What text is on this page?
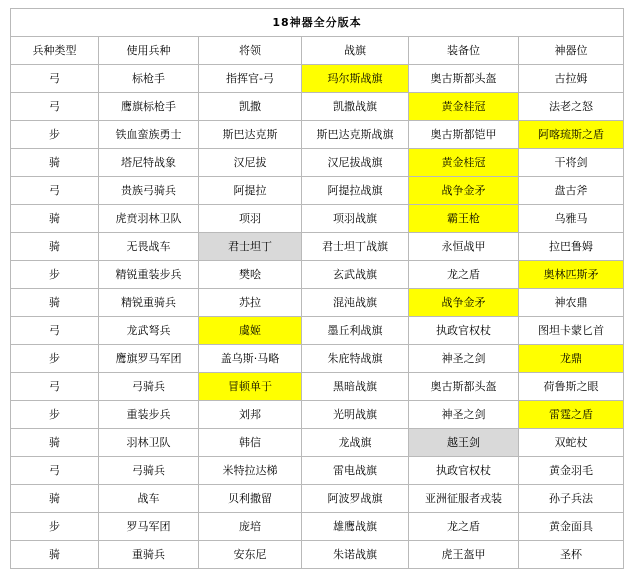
18神器全分版本					
兵种类型	使用兵种	将领	战旗	装备位	神器位
弓	标枪手	指挥官-弓	玛尔斯战旗	奥古斯都头盔	古拉姆
弓	鹰旗标枪手	凯撒	凯撒战旗	黄金桂冠	法老之怒
步	铁血蛮族勇士	斯巴达克斯	斯巴达克斯战旗	奥古斯都铠甲	阿喀琉斯之盾
骑	塔尼特战象	汉尼拔	汉尼拔战旗	黄金桂冠	干将剑
弓	贵族弓骑兵	阿提拉	阿提拉战旗	战争金矛	盘古斧
骑	虎贲羽林卫队	项羽	项羽战旗	霸王枪	乌雅马
骑	无畏战车	君士坦丁	君士坦丁战旗	永恒战甲	拉巴鲁姆
步	精锐重装步兵	樊哙	玄武战旗	龙之盾	奥林匹斯矛
骑	精锐重骑兵	苏拉	混沌战旗	战争金矛	神农鼎
弓	龙武弩兵	虞姬	墨丘利战旗	执政官权杖	图坦卡蒙匕首
步	鹰旗罗马军团	盖乌斯·马略	朱庇特战旗	神圣之剑	龙鼎
弓	弓骑兵	冒顿单于	黑暗战旗	奥古斯都头盔	荷鲁斯之眼
步	重装步兵	刘邦	光明战旗	神圣之剑	雷霆之盾
骑	羽林卫队	韩信	龙战旗	越王剑	双蛇杖
弓	弓骑兵	米特拉达梯	雷电战旗	执政官权杖	黄金羽毛
骑	战车	贝利撒留	阿波罗战旗	亚洲征服者戎装	孙子兵法
步	罗马军团	庞培	雄鹰战旗	龙之盾	黄金面具
骑	重骑兵	安东尼	朱诺战旗	虎王盔甲	圣杯
